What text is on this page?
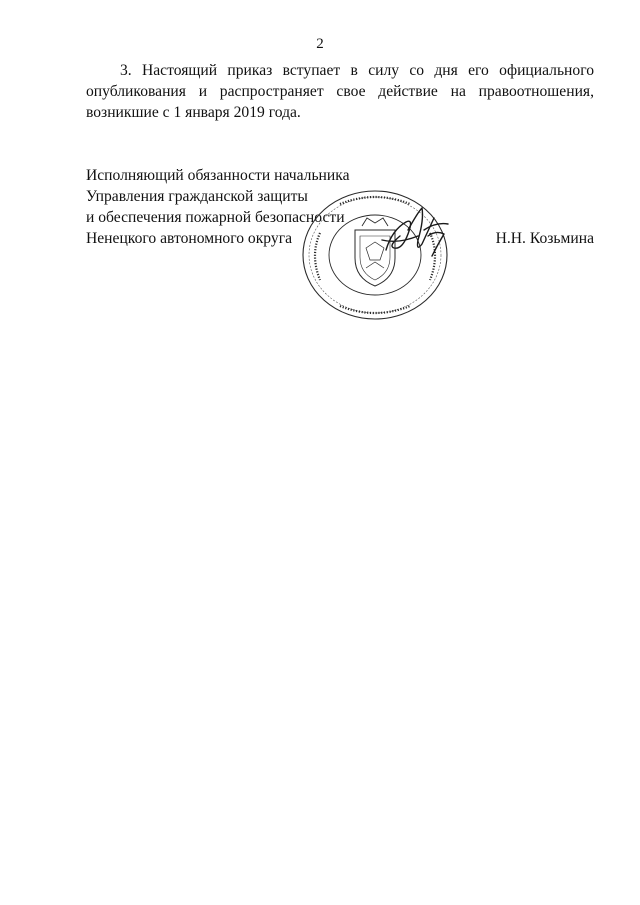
2
3. Настоящий приказ вступает в силу со дня его официального
опубликования и распространяет свое действие на правоотношения,
возникшие с 1 января 2019 года.
Исполняющий обязанности начальника
Управления гражданской защиты
и обеспечения пожарной безопасности
Ненецкого автономного округа	Н.Н. Козьмина
